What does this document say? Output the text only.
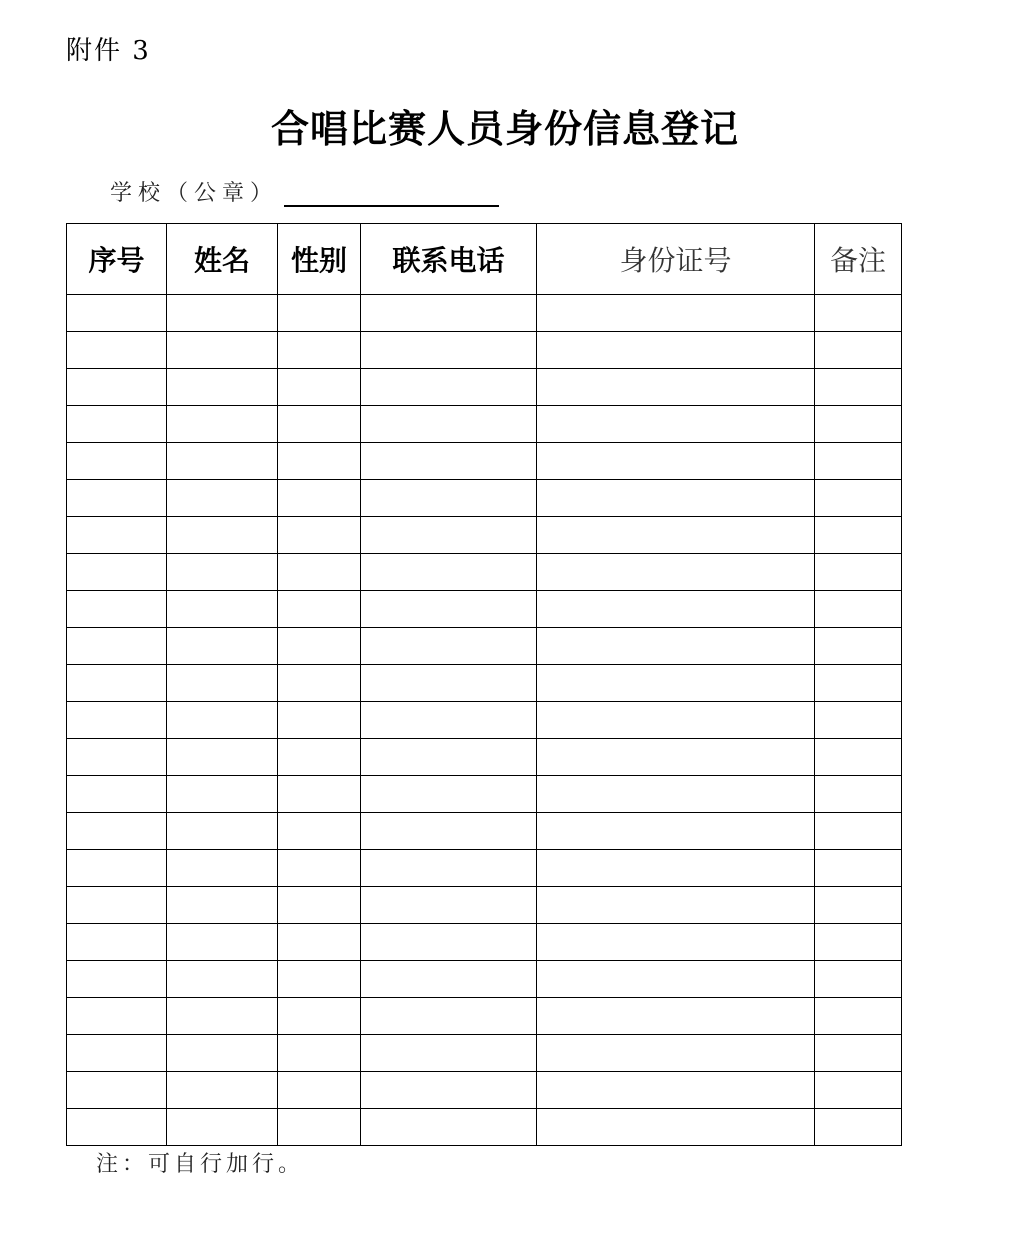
附件 3
合唱比赛人员身份信息登记
学校（公章）
序号	姓名	性别	联系电话	身份证号	备注

注：可自行加行。
